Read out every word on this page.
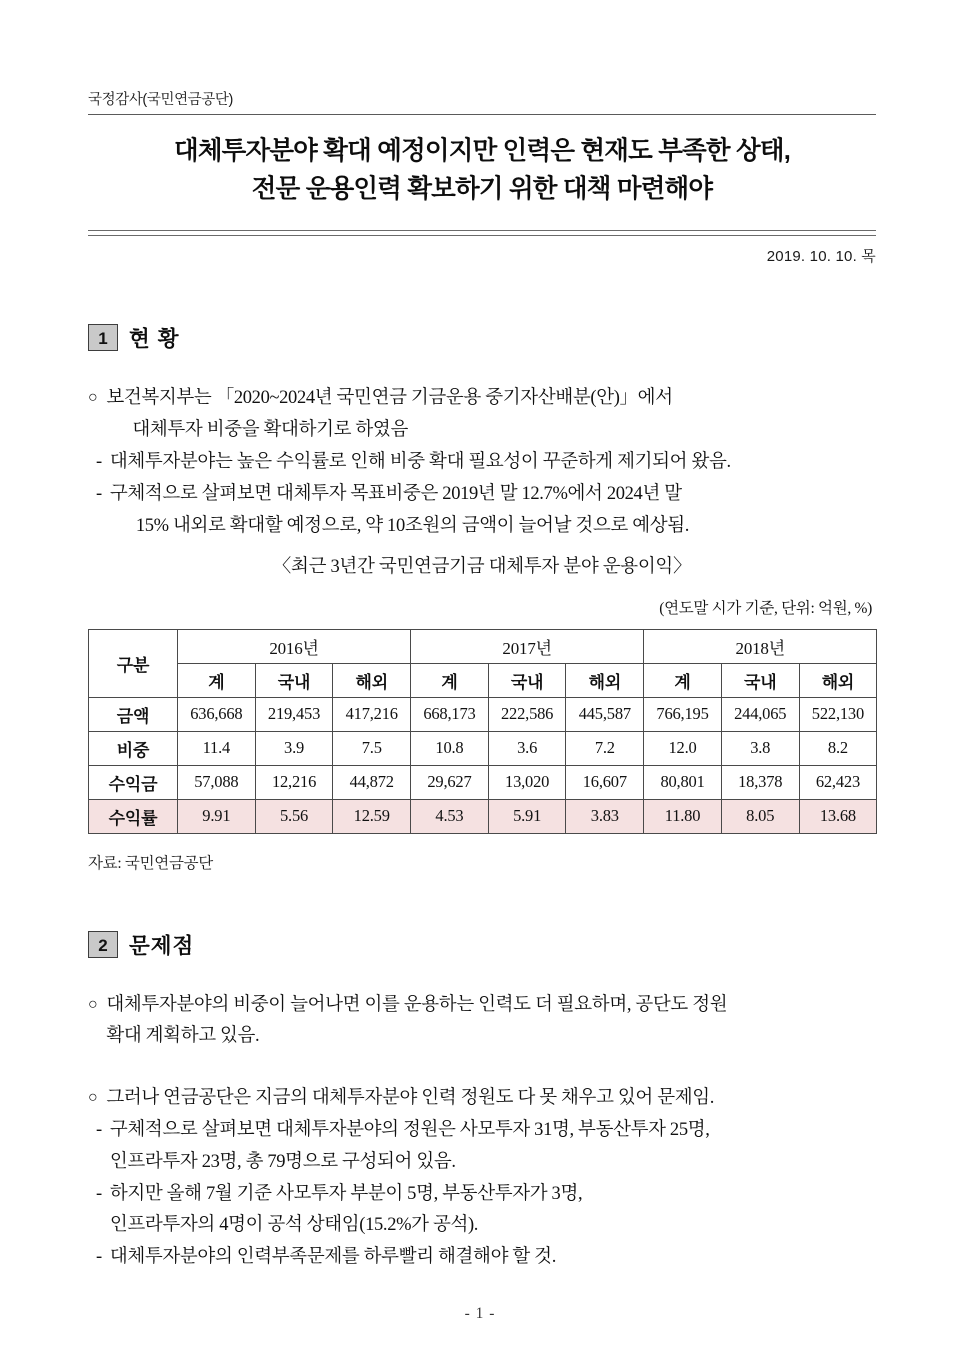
국정감사(국민연금공단)
대체투자분야 확대 예정이지만 인력은 현재도 부족한 상태,
전문 운용인력 확보하기 위한 대책 마련해야
2019. 10. 10. 목
1 현 황
○ 보건복지부는 「2020~2024년 국민연금 기금운용 중기자산배분(안)」에서
대체투자 비중을 확대하기로 하였음
- 대체투자분야는 높은 수익률로 인해 비중 확대 필요성이 꾸준하게 제기되어 왔음.
- 구체적으로 살펴보면 대체투자 목표비중은 2019년 말 12.7%에서 2024년 말
15% 내외로 확대할 예정으로, 약 10조원의 금액이 늘어날 것으로 예상됨.
〈최근 3년간 국민연금기금 대체투자 분야 운용이익〉
(연도말 시가 기준, 단위: 억원, %)
구분	2016년			2017년			2018년		
	계	국내	해외	계	국내	해외	계	국내	해외
금액	636,668	219,453	417,216	668,173	222,586	445,587	766,195	244,065	522,130
비중	11.4	3.9	7.5	10.8	3.6	7.2	12.0	3.8	8.2
수익금	57,088	12,216	44,872	29,627	13,020	16,607	80,801	18,378	62,423
수익률	9.91	5.56	12.59	4.53	5.91	3.83	11.80	8.05	13.68
자료: 국민연금공단
2 문제점
○ 대체투자분야의 비중이 늘어나면 이를 운용하는 인력도 더 필요하며, 공단도 정원
확대 계획하고 있음.
○ 그러나 연금공단은 지금의 대체투자분야 인력 정원도 다 못 채우고 있어 문제임.
- 구체적으로 살펴보면 대체투자분야의 정원은 사모투자 31명, 부동산투자 25명,
인프라투자 23명, 총 79명으로 구성되어 있음.
- 하지만 올해 7월 기준 사모투자 부분이 5명, 부동산투자가 3명,
인프라투자의 4명이 공석 상태임(15.2%가 공석).
- 대체투자분야의 인력부족문제를 하루빨리 해결해야 할 것.
- 1 -
